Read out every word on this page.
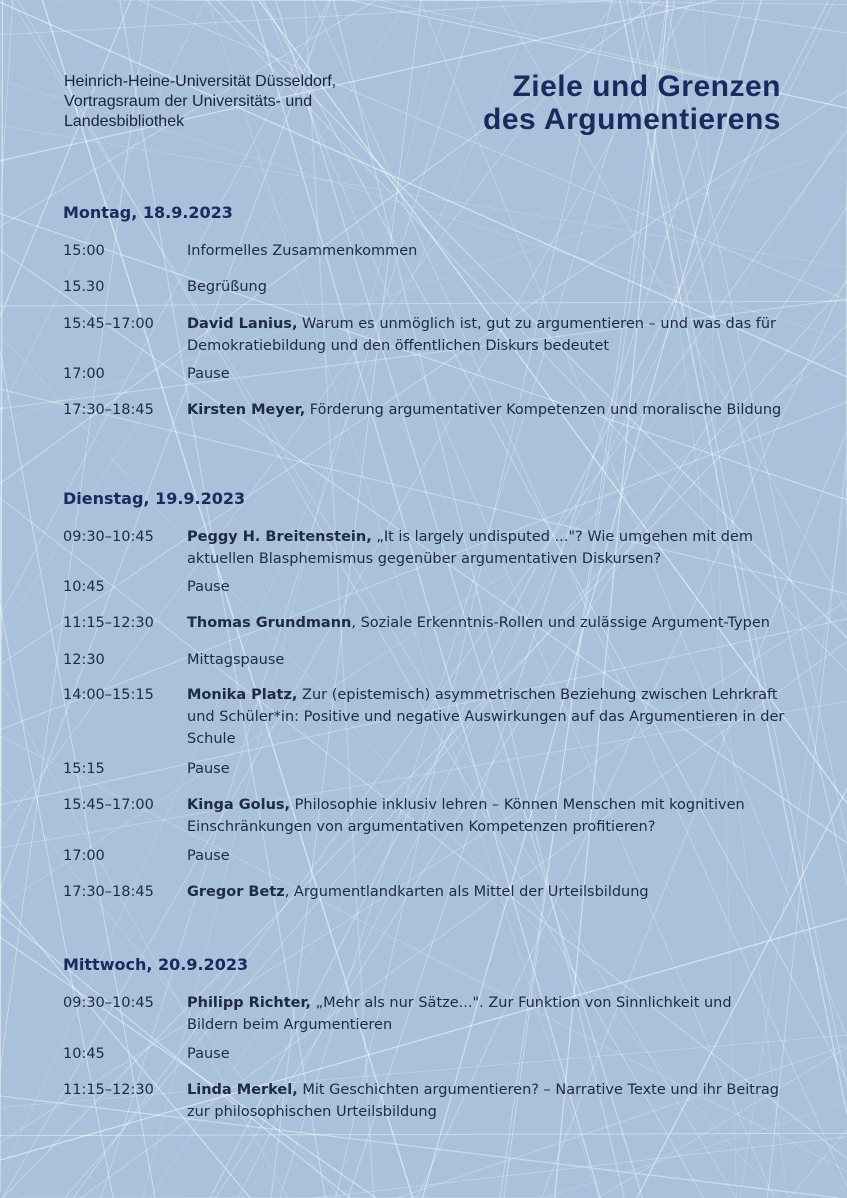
Heinrich-Heine-Universität Düsseldorf,
Vortragsraum der Universitäts- und
Landesbibliothek
Ziele und Grenzen
des Argumentierens
Montag, 18.9.2023
15:00	Informelles Zusammenkommen
15.30	Begrüßung
15:45–17:00	David Lanius, Warum es unmöglich ist, gut zu argumentieren – und was das für Demokratiebildung und den öffentlichen Diskurs bedeutet
17:00	Pause
17:30–18:45	Kirsten Meyer, Förderung argumentativer Kompetenzen und moralische Bildung
Dienstag, 19.9.2023
09:30–10:45	Peggy H. Breitenstein, „It is largely undisputed ..."? Wie umgehen mit dem aktuellen Blasphemismus gegenüber argumentativen Diskursen?
10:45	Pause
11:15–12:30	Thomas Grundmann, Soziale Erkenntnis-Rollen und zulässige Argument-Typen
12:30	Mittagspause
14:00–15:15	Monika Platz, Zur (epistemisch) asymmetrischen Beziehung zwischen Lehrkraft und Schüler*in: Positive und negative Auswirkungen auf das Argumentieren in der Schule
15:15	Pause
15:45–17:00	Kinga Golus, Philosophie inklusiv lehren – Können Menschen mit kognitiven Einschränkungen von argumentativen Kompetenzen profitieren?
17:00	Pause
17:30–18:45	Gregor Betz, Argumentlandkarten als Mittel der Urteilsbildung
Mittwoch, 20.9.2023
09:30–10:45	Philipp Richter, „Mehr als nur Sätze...". Zur Funktion von Sinnlichkeit und Bildern beim Argumentieren
10:45	Pause
11:15–12:30	Linda Merkel, Mit Geschichten argumentieren? – Narrative Texte und ihr Beitrag zur philosophischen Urteilsbildung
